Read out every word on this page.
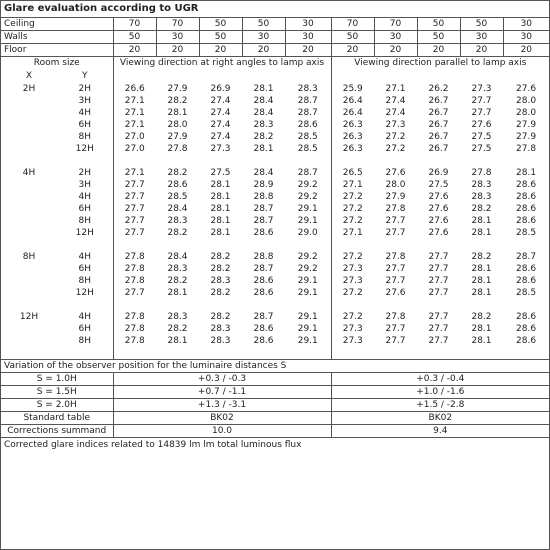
Glare evaluation according to UGR											
Ceiling		70	70	50	50	30	70	70	50	50	30
Walls		50	30	50	30	30	50	30	50	30	30
Floor		20	20	20	20	20	20	20	20	20	20
Room size		Viewing direction at right angles to lamp axis					Viewing direction parallel to lamp axis				
X	Y										
2H	2H	26.6	27.9	26.9	28.1	28.3	25.9	27.1	26.2	27.3	27.6
	3H	27.1	28.2	27.4	28.4	28.7	26.4	27.4	26.7	27.7	28.0
	4H	27.1	28.1	27.4	28.4	28.7	26.4	27.4	26.7	27.7	28.0
	6H	27.1	28.0	27.4	28.3	28.6	26.3	27.3	26.7	27.6	27.9
	8H	27.0	27.9	27.4	28.2	28.5	26.3	27.2	26.7	27.5	27.9
	12H	27.0	27.8	27.3	28.1	28.5	26.3	27.2	26.7	27.5	27.8

4H	2H	27.1	28.2	27.5	28.4	28.7	26.5	27.6	26.9	27.8	28.1
	3H	27.7	28.6	28.1	28.9	29.2	27.1	28.0	27.5	28.3	28.6
	4H	27.7	28.5	28.1	28.8	29.2	27.2	27.9	27.6	28.3	28.6
	6H	27.7	28.4	28.1	28.7	29.1	27.2	27.8	27.6	28.2	28.6
	8H	27.7	28.3	28.1	28.7	29.1	27.2	27.7	27.6	28.1	28.6
	12H	27.7	28.2	28.1	28.6	29.0	27.1	27.7	27.6	28.1	28.5

8H	4H	27.8	28.4	28.2	28.8	29.2	27.2	27.8	27.7	28.2	28.7
	6H	27.8	28.3	28.2	28.7	29.2	27.3	27.7	27.7	28.1	28.6
	8H	27.8	28.2	28.3	28.6	29.1	27.3	27.7	27.7	28.1	28.6
	12H	27.7	28.1	28.2	28.6	29.1	27.2	27.6	27.7	28.1	28.5

12H	4H	27.8	28.3	28.2	28.7	29.1	27.2	27.8	27.7	28.2	28.6
	6H	27.8	28.2	28.3	28.6	29.1	27.3	27.7	27.7	28.1	28.6
	8H	27.8	28.1	28.3	28.6	29.1	27.3	27.7	27.7	28.1	28.6

Variation of the observer position for the luminaire distances S											
S = 1.0H		+0.3 / -0.3					+0.3 / -0.4				
S = 1.5H		+0.7 / -1.1					+1.0 / -1.6				
S = 2.0H		+1.3 / -3.1					+1.5 / -2.8				
Standard table		BK02					BK02				
Corrections summand		10.0					9.4				
Corrected glare indices related to 14839 lm lm total luminous flux											
